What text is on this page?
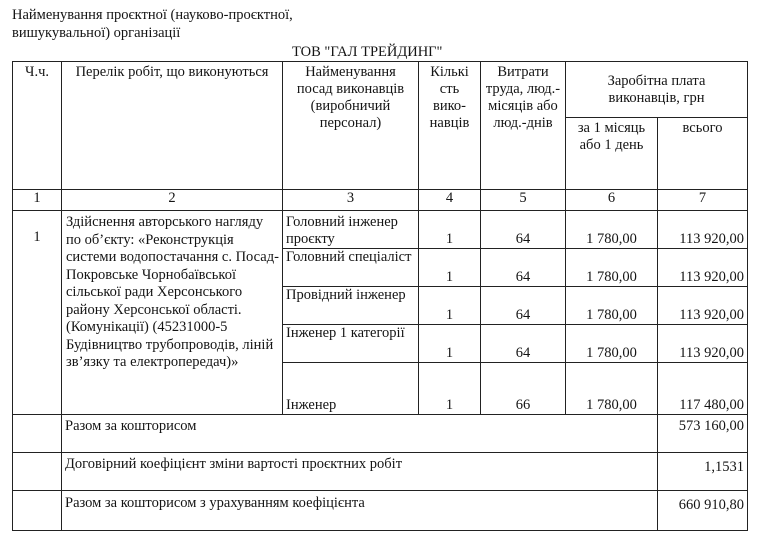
Найменування проєктної (науково-проєктної, вишукувальної) організації
ТОВ "ГАЛ ТРЕЙДИНГ"
Ч.ч.	Перелік робіт, що виконуються	Найменування посад виконавців (виробничий персонал)	Кількі сть вико-навців	Витрати труда, люд.-місяців або люд.-днів	Заробітна плата виконавців, грн	
					за 1 місяць або 1 день	всього
1	2	3	4	5	6	7
1	Здійснення авторського нагляду по об’єкту: «Реконструкція системи водопостачання с. Посад-Покровське Чорнобаївської сільської ради Херсонського району Херсонської області. (Комунікації) (45231000-5 Будівництво трубопроводів, ліній зв’язку та електропередач)»	Головний інженер проєкту	1	64	1 780,00	113 920,00
		Головний спеціаліст	1	64	1 780,00	113 920,00
		Провідний інженер	1	64	1 780,00	113 920,00
		Інженер 1 категорії	1	64	1 780,00	113 920,00
		Інженер	1	66	1 780,00	117 480,00
	Разом за кошторисом					573 160,00
	Договірний коефіцієнт зміни вартості проєктних робіт					1,1531
	Разом за кошторисом з урахуванням коефіцієнта					660 910,80
